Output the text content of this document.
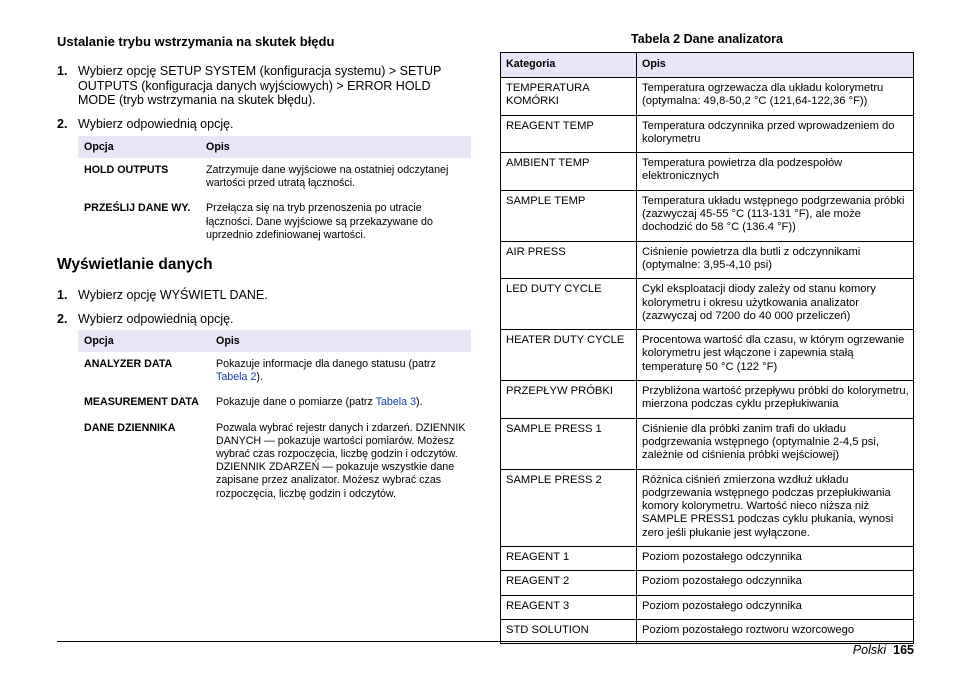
Ustalanie trybu wstrzymania na skutek błędu
1. Wybierz opcję SETUP SYSTEM (konfiguracja systemu) > SETUP OUTPUTS (konfiguracja danych wyjściowych) > ERROR HOLD MODE (tryb wstrzymania na skutek błędu).
2. Wybierz odpowiednią opcję.
Opcja	Opis
HOLD OUTPUTS	Zatrzymuje dane wyjściowe na ostatniej odczytanej wartości przed utratą łączności.
PRZEŚLIJ DANE WY.	Przełącza się na tryb przenoszenia po utracie łączności. Dane wyjściowe są przekazywane do uprzednio zdefiniowanej wartości.
Wyświetlanie danych
1. Wybierz opcję WYŚWIETL DANE.
2. Wybierz odpowiednią opcję.
Opcja	Opis
ANALYZER DATA	Pokazuje informacje dla danego statusu (patrz Tabela 2).
MEASUREMENT DATA	Pokazuje dane o pomiarze (patrz Tabela 3).
DANE DZIENNIKA	Pozwala wybrać rejestr danych i zdarzeń. DZIENNIK DANYCH — pokazuje wartości pomiarów. Możesz wybrać czas rozpoczęcia, liczbę godzin i odczytów. DZIENNIK ZDARZEŃ — pokazuje wszystkie dane zapisane przez analizator. Możesz wybrać czas rozpoczęcia, liczbę godzin i odczytów.
Tabela 2 Dane analizatora
Kategoria	Opis
TEMPERATURA KOMÓRKI	Temperatura ogrzewacza dla układu kolorymetru (optymalna: 49,8-50,2 °C (121,64-122,36 °F))
REAGENT TEMP	Temperatura odczynnika przed wprowadzeniem do kolorymetru
AMBIENT TEMP	Temperatura powietrza dla podzespołów elektronicznych
SAMPLE TEMP	Temperatura układu wstępnego podgrzewania próbki (zazwyczaj 45-55 °C (113-131 °F), ale może dochodzić do 58 °C (136.4 °F))
AIR PRESS	Ciśnienie powietrza dla butli z odczynnikami (optymalne: 3,95-4,10 psi)
LED DUTY CYCLE	Cykl eksploatacji diody zależy od stanu komory kolorymetru i okresu użytkowania analizator (zazwyczaj od 7200 do 40 000 przeliczeń)
HEATER DUTY CYCLE	Procentowa wartość dla czasu, w którym ogrzewanie kolorymetru jest włączone i zapewnia stałą temperaturę 50 °C (122 °F)
PRZEPŁYW PRÓBKI	Przybliżona wartość przepływu próbki do kolorymetru, mierzona podczas cyklu przepłukiwania
SAMPLE PRESS 1	Ciśnienie dla próbki zanim trafi do układu podgrzewania wstępnego (optymalnie 2-4,5 psi, zależnie od ciśnienia próbki wejściowej)
SAMPLE PRESS 2	Różnica ciśnień zmierzona wzdłuż układu podgrzewania wstępnego podczas przepłukiwania komory kolorymetru. Wartość nieco niższa niż SAMPLE PRESS1 podczas cyklu płukania, wynosi zero jeśli płukanie jest wyłączone.
REAGENT 1	Poziom pozostałego odczynnika
REAGENT 2	Poziom pozostałego odczynnika
REAGENT 3	Poziom pozostałego odczynnika
STD SOLUTION	Poziom pozostałego roztworu wzorcowego
Polski 165
